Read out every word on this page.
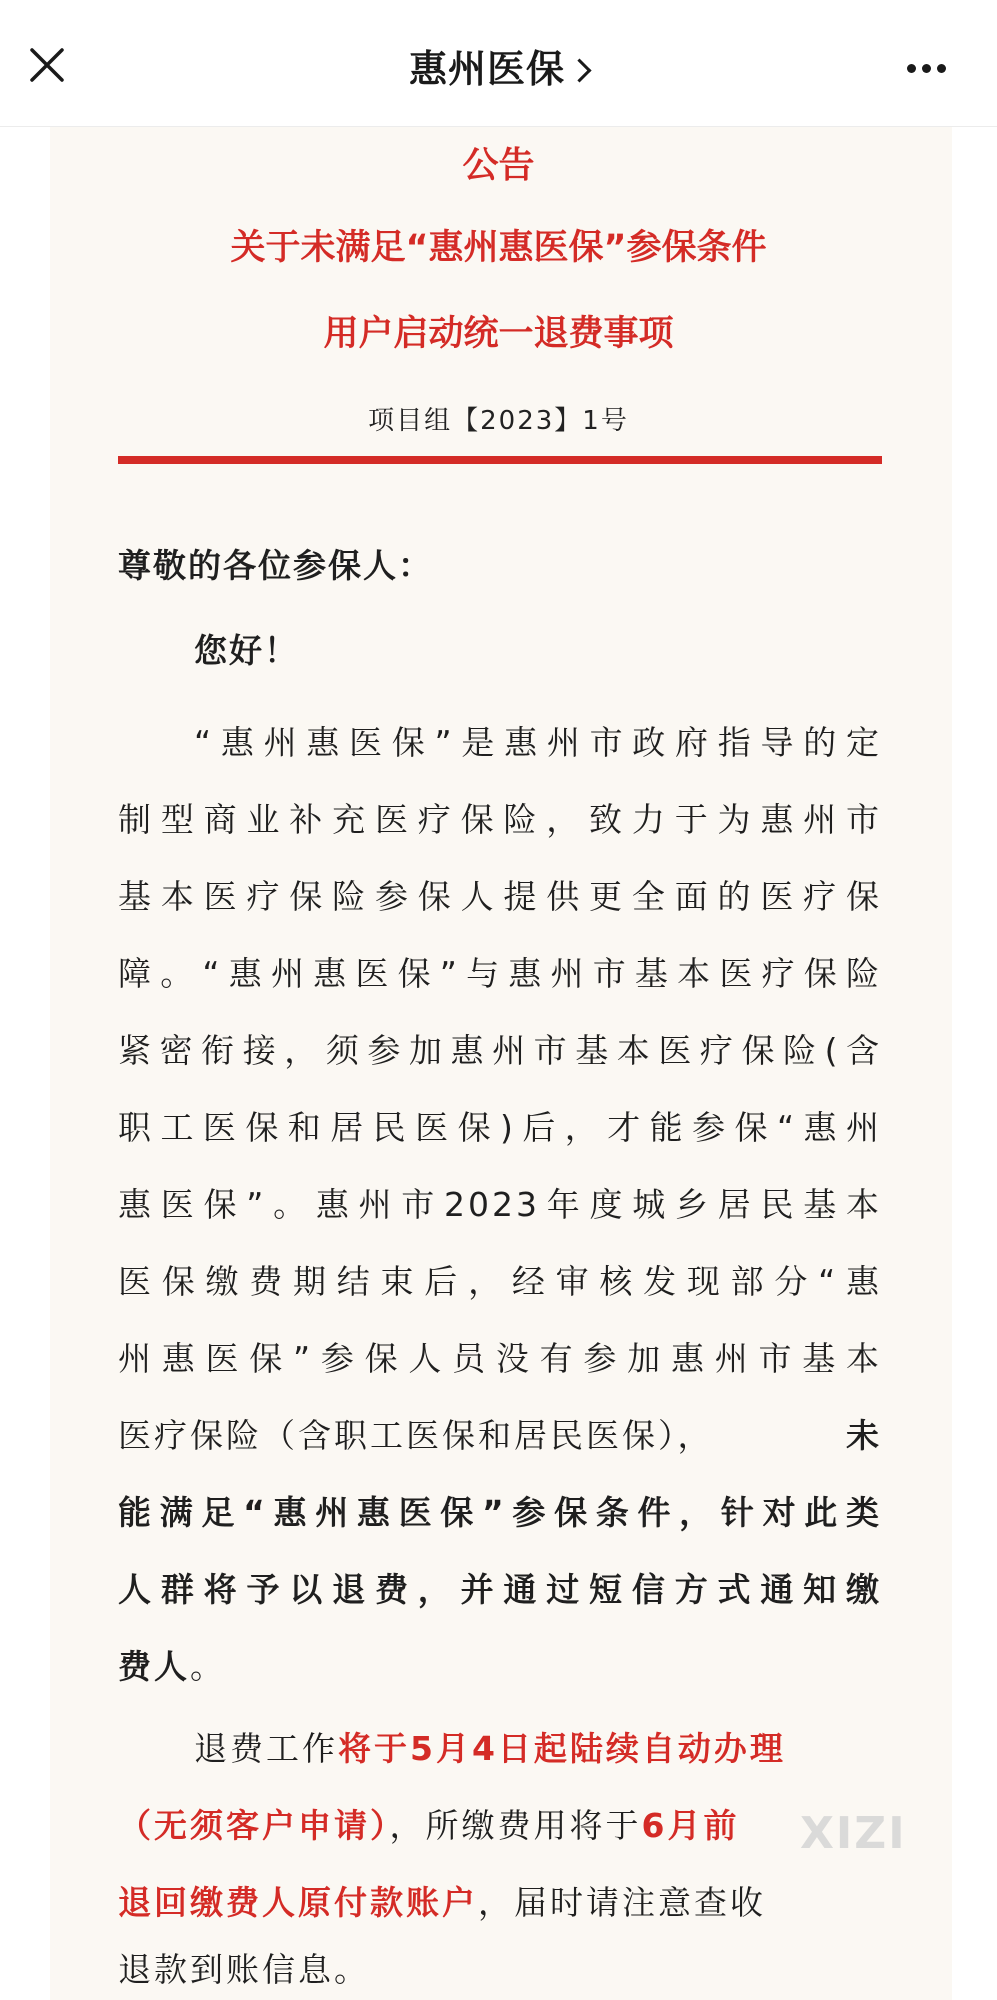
惠州医保
公告
关于未满足“惠州惠医保”参保条件
用户启动统一退费事项
项目组【2023】1号
尊敬的各位参保人：
您好！
“惠州惠医保”是惠州市政府指导的定
制型商业补充医疗保险，致力于为惠州市
基本医疗保险参保人提供更全面的医疗保
障。“惠州惠医保”与惠州市基本医疗保险
紧密衔接，须参加惠州市基本医疗保险(含
职工医保和居民医保)后，才能参保“惠州
惠医保”。惠州市2023年度城乡居民基本
医保缴费期结束后，经审核发现部分“惠
州惠医保”参保人员没有参加惠州市基本
医疗保险（含职工医保和居民医保），	未
能满足“惠州惠医保”参保条件，针对此类
人群将予以退费，并通过短信方式通知缴
费人。
退费工作将于5月4日起陆续自动办理
（无须客户申请），所缴费用将于6月前
退回缴费人原付款账户，届时请注意查收
退款到账信息。
XIZI
